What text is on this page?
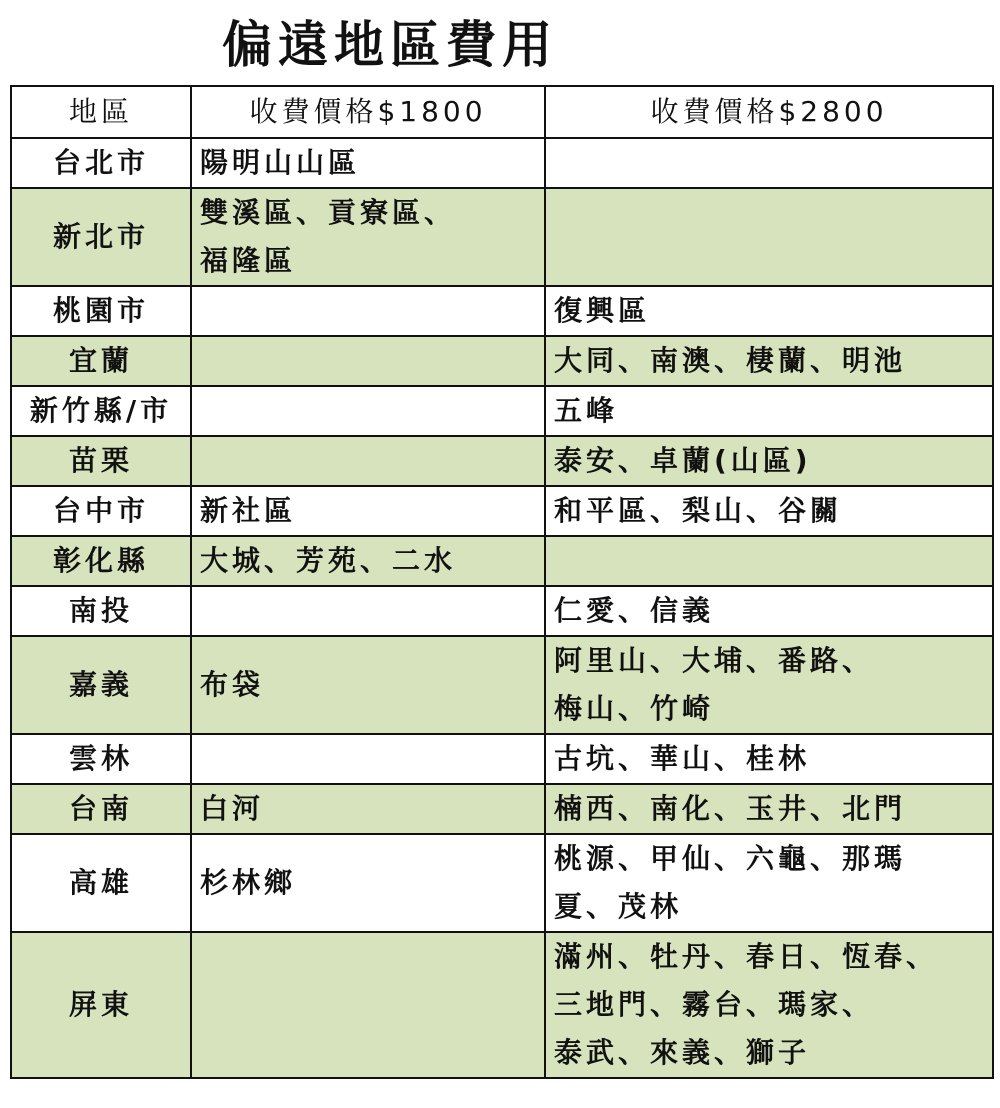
偏遠地區費用
地區	收費價格$1800	收費價格$2800
台北市	陽明山山區	

新北市	雙溪區、貢寮區、
福隆區	

桃園市		復興區

宜蘭		大同、南澳、棲蘭、明池

新竹縣/市		五峰

苗栗		泰安、卓蘭(山區)

台中市	新社區	和平區、梨山、谷關

彰化縣	大城、芳苑、二水	

南投		仁愛、信義

嘉義	布袋	阿里山、大埔、番路、
梅山、竹崎

雲林		古坑、華山、桂林

台南	白河	楠西、南化、玉井、北門

高雄	杉林鄉	桃源、甲仙、六龜、那瑪
夏、茂林

屏東		滿州、牡丹、春日、恆春、
三地門、霧台、瑪家、
泰武、來義、獅子
